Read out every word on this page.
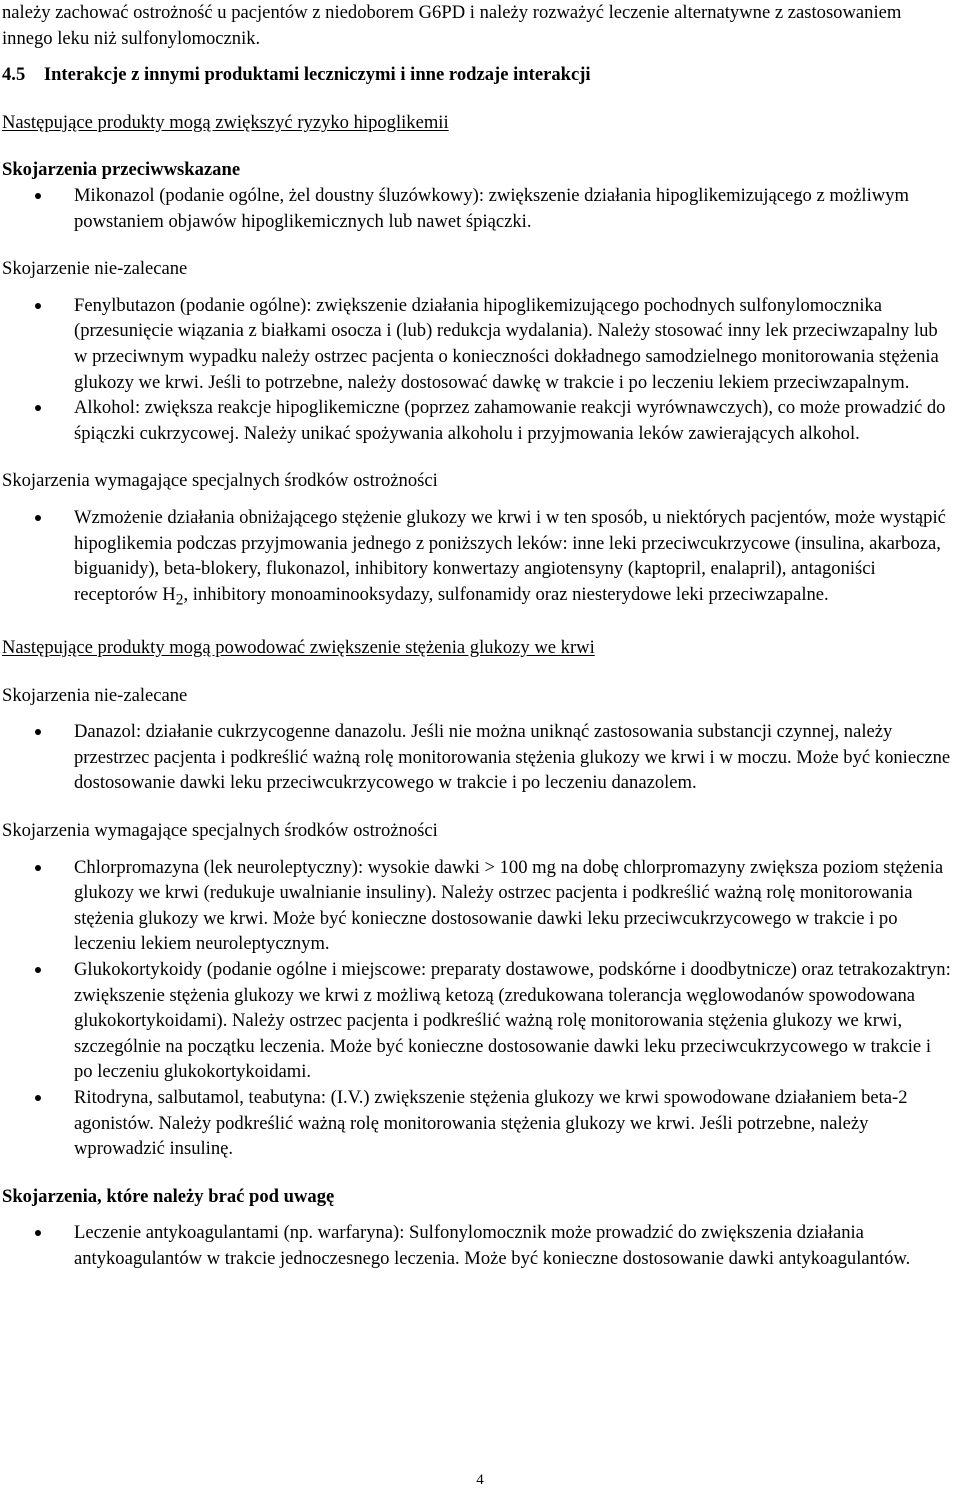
należy zachować ostrożność u pacjentów z niedoborem G6PD i należy rozważyć leczenie alternatywne z zastosowaniem innego leku niż sulfonylomocznik.

4.5 Interakcje z innymi produktami leczniczymi i inne rodzaje interakcji

Następujące produkty mogą zwiększyć ryzyko hipoglikemii

Skojarzenia przeciwwskazane

Mikonazol (podanie ogólne, żel doustny śluzówkowy): zwiększenie działania hipoglikemizującego z możliwym powstaniem objawów hipoglikemicznych lub nawet śpiączki.

Skojarzenie nie-zalecane

Fenylbutazon (podanie ogólne): zwiększenie działania hipoglikemizującego pochodnych sulfonylomocznika (przesunięcie wiązania z białkami osocza i (lub) redukcja wydalania). Należy stosować inny lek przeciwzapalny lub w przeciwnym wypadku należy ostrzec pacjenta o konieczności dokładnego samodzielnego monitorowania stężenia glukozy we krwi. Jeśli to potrzebne, należy dostosować dawkę w trakcie i po leczeniu lekiem przeciwzapalnym.
Alkohol: zwiększa reakcje hipoglikemiczne (poprzez zahamowanie reakcji wyrównawczych), co może prowadzić do śpiączki cukrzycowej. Należy unikać spożywania alkoholu i przyjmowania leków zawierających alkohol.

Skojarzenia wymagające specjalnych środków ostrożności

Wzmożenie działania obniżającego stężenie glukozy we krwi i w ten sposób, u niektórych pacjentów, może wystąpić hipoglikemia podczas przyjmowania jednego z poniższych leków: inne leki przeciwcukrzycowe (insulina, akarboza, biguanidy), beta-blokery, flukonazol, inhibitory konwertazy angiotensyny (kaptopril, enalapril), antagoniści receptorów $H_2$, inhibitory monoaminooksydazy, sulfonamidy oraz niesterydowe leki przeciwzapalne.

Następujące produkty mogą powodować zwiększenie stężenia glukozy we krwi

Skojarzenia nie-zalecane

Danazol: działanie cukrzycogenne danazolu. Jeśli nie można uniknąć zastosowania substancji czynnej, należy przestrzec pacjenta i podkreślić ważną rolę monitorowania stężenia glukozy we krwi i w moczu. Może być konieczne dostosowanie dawki leku przeciwcukrzycowego w trakcie i po leczeniu danazolem.

Skojarzenia wymagające specjalnych środków ostrożności

Chlorpromazyna (lek neuroleptyczny): wysokie dawki > 100 mg na dobę chlorpromazyny zwiększa poziom stężenia glukozy we krwi (redukuje uwalnianie insuliny). Należy ostrzec pacjenta i podkreślić ważną rolę monitorowania stężenia glukozy we krwi. Może być konieczne dostosowanie dawki leku przeciwcukrzycowego w trakcie i po leczeniu lekiem neuroleptycznym.
Glukokortykoidy (podanie ogólne i miejscowe: preparaty dostawowe, podskórne i doodbytnicze) oraz tetrakozaktryn: zwiększenie stężenia glukozy we krwi z możliwą ketozą (zredukowana tolerancja węglowodanów spowodowana glukokortykoidami). Należy ostrzec pacjenta i podkreślić ważną rolę monitorowania stężenia glukozy we krwi, szczególnie na początku leczenia. Może być konieczne dostosowanie dawki leku przeciwcukrzycowego w trakcie i po leczeniu glukokortykoidami.
Ritodryna, salbutamol, teabutyna: (I.V.) zwiększenie stężenia glukozy we krwi spowodowane działaniem beta-2 agonistów. Należy podkreślić ważną rolę monitorowania stężenia glukozy we krwi. Jeśli potrzebne, należy wprowadzić insulinę.

Skojarzenia, które należy brać pod uwagę

Leczenie antykoagulantami (np. warfaryna): Sulfonylomocznik może prowadzić do zwiększenia działania antykoagulantów w trakcie jednoczesnego leczenia. Może być konieczne dostosowanie dawki antykoagulantów.
4
